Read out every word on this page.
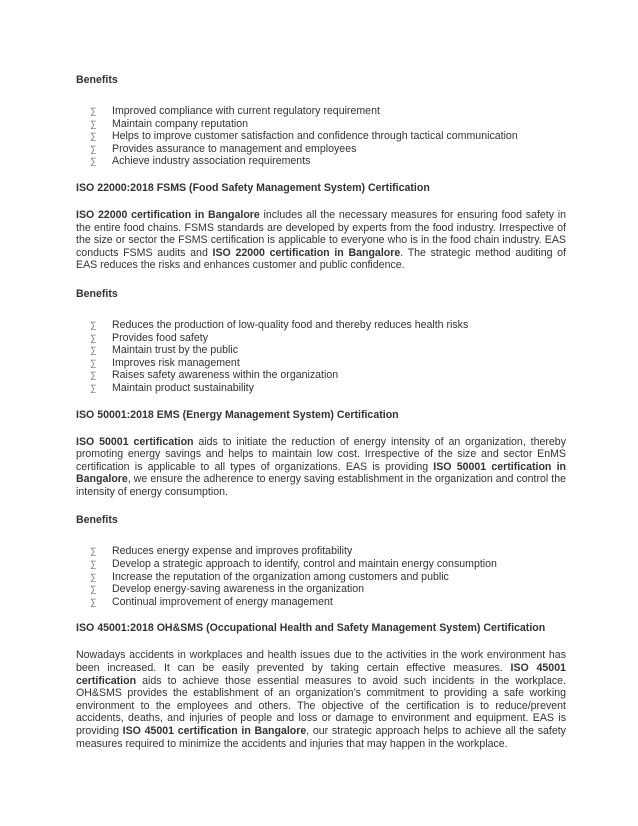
Benefits
∑	Improved compliance with current regulatory requirement
∑	Maintain company reputation
∑	Helps to improve customer satisfaction and confidence through tactical communication
∑	Provides assurance to management and employees
∑	Achieve industry association requirements
ISO 22000:2018 FSMS (Food Safety Management System) Certification

ISO 22000 certification in Bangalore includes all the necessary measures for ensuring food safety in the entire food chains. FSMS standards are developed by experts from the food industry. Irrespective of the size or sector the FSMS certification is applicable to everyone who is in the food chain industry. EAS conducts FSMS audits and ISO 22000 certification in Bangalore. The strategic method auditing of EAS reduces the risks and enhances customer and public confidence.

Benefits
∑	Reduces the production of low-quality food and thereby reduces health risks
∑	Provides food safety
∑	Maintain trust by the public
∑	Improves risk management
∑	Raises safety awareness within the organization
∑	Maintain product sustainability
ISO 50001:2018 EMS (Energy Management System) Certification

ISO 50001 certification aids to initiate the reduction of energy intensity of an organization, thereby promoting energy savings and helps to maintain low cost. Irrespective of the size and sector EnMS certification is applicable to all types of organizations. EAS is providing ISO 50001 certification in Bangalore, we ensure the adherence to energy saving establishment in the organization and control the intensity of energy consumption.

Benefits
∑	Reduces energy expense and improves profitability
∑	Develop a strategic approach to identify, control and maintain energy consumption
∑	Increase the reputation of the organization among customers and public
∑	Develop energy-saving awareness in the organization
∑	Continual improvement of energy management
ISO 45001:2018 OH&SMS (Occupational Health and Safety Management System) Certification

Nowadays accidents in workplaces and health issues due to the activities in the work environment has been increased. It can be easily prevented by taking certain effective measures. ISO 45001 certification aids to achieve those essential measures to avoid such incidents in the workplace. OH&SMS provides the establishment of an organization’s commitment to providing a safe working environment to the employees and others. The objective of the certification is to reduce/prevent accidents, deaths, and injuries of people and loss or damage to environment and equipment. EAS is providing ISO 45001 certification in Bangalore, our strategic approach helps to achieve all the safety measures required to minimize the accidents and injuries that may happen in the workplace.
